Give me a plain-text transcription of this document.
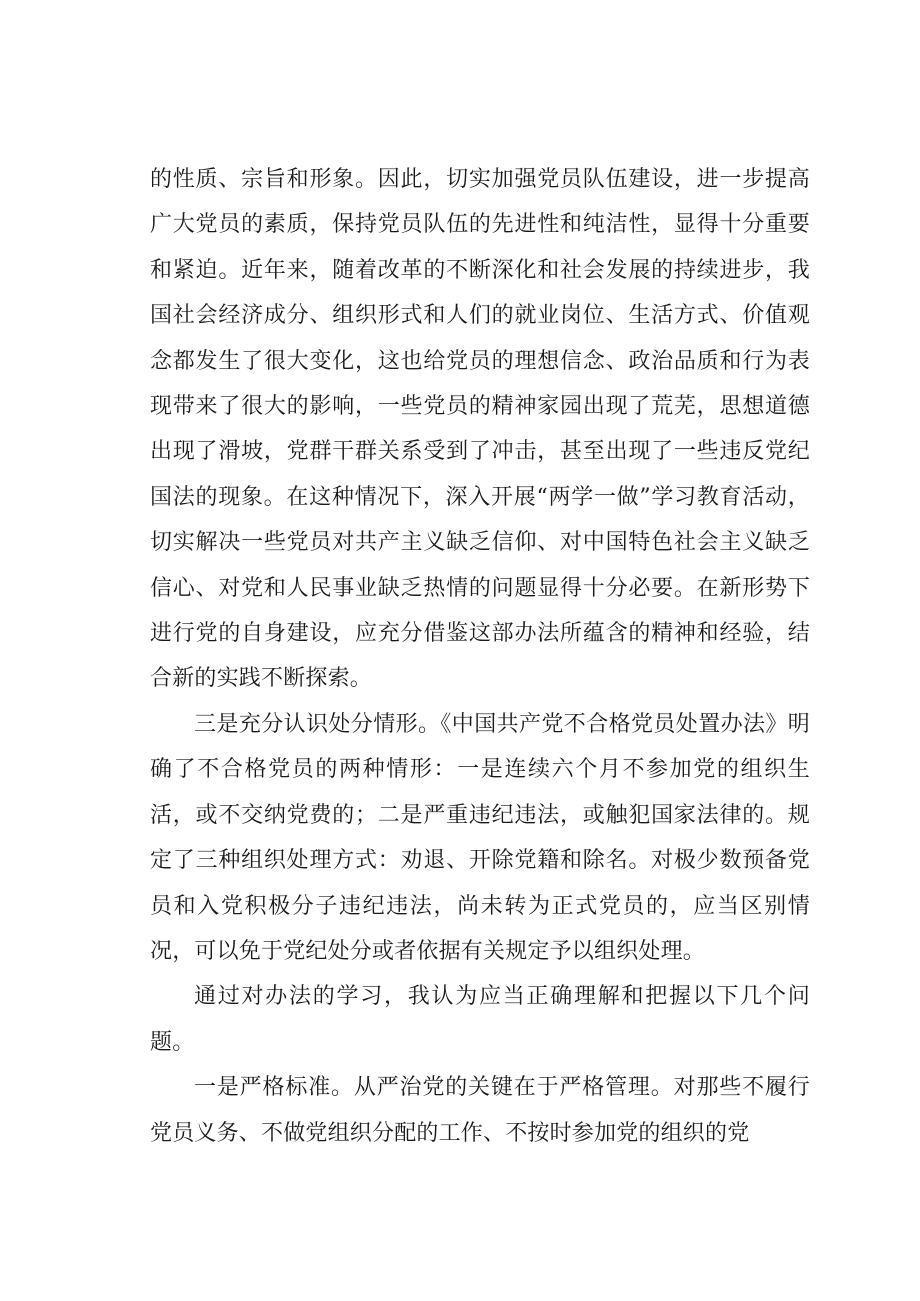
的性质、宗旨和形象。因此，切实加强党员队伍建设，进一步提高广大党员的素质，保持党员队伍的先进性和纯洁性，显得十分重要和紧迫。近年来，随着改革的不断深化和社会发展的持续进步，我国社会经济成分、组织形式和人们的就业岗位、生活方式、价值观念都发生了很大变化，这也给党员的理想信念、政治品质和行为表现带来了很大的影响，一些党员的精神家园出现了荒芜，思想道德出现了滑坡，党群干群关系受到了冲击，甚至出现了一些违反党纪国法的现象。在这种情况下，深入开展“两学一做”学习教育活动，切实解决一些党员对共产主义缺乏信仰、对中国特色社会主义缺乏信心、对党和人民事业缺乏热情的问题显得十分必要。在新形势下进行党的自身建设，应充分借鉴这部办法所蕴含的精神和经验，结合新的实践不断探索。

三是充分认识处分情形。《中国共产党不合格党员处置办法》明确了不合格党员的两种情形：一是连续六个月不参加党的组织生活，或不交纳党费的；二是严重违纪违法，或触犯国家法律的。规定了三种组织处理方式：劝退、开除党籍和除名。对极少数预备党员和入党积极分子违纪违法，尚未转为正式党员的，应当区别情况，可以免于党纪处分或者依据有关规定予以组织处理。

通过对办法的学习，我认为应当正确理解和把握以下几个问题。

一是严格标准。从严治党的关键在于严格管理。对那些不履行党员义务、不做党组织分配的工作、不按时参加党的组织的党
